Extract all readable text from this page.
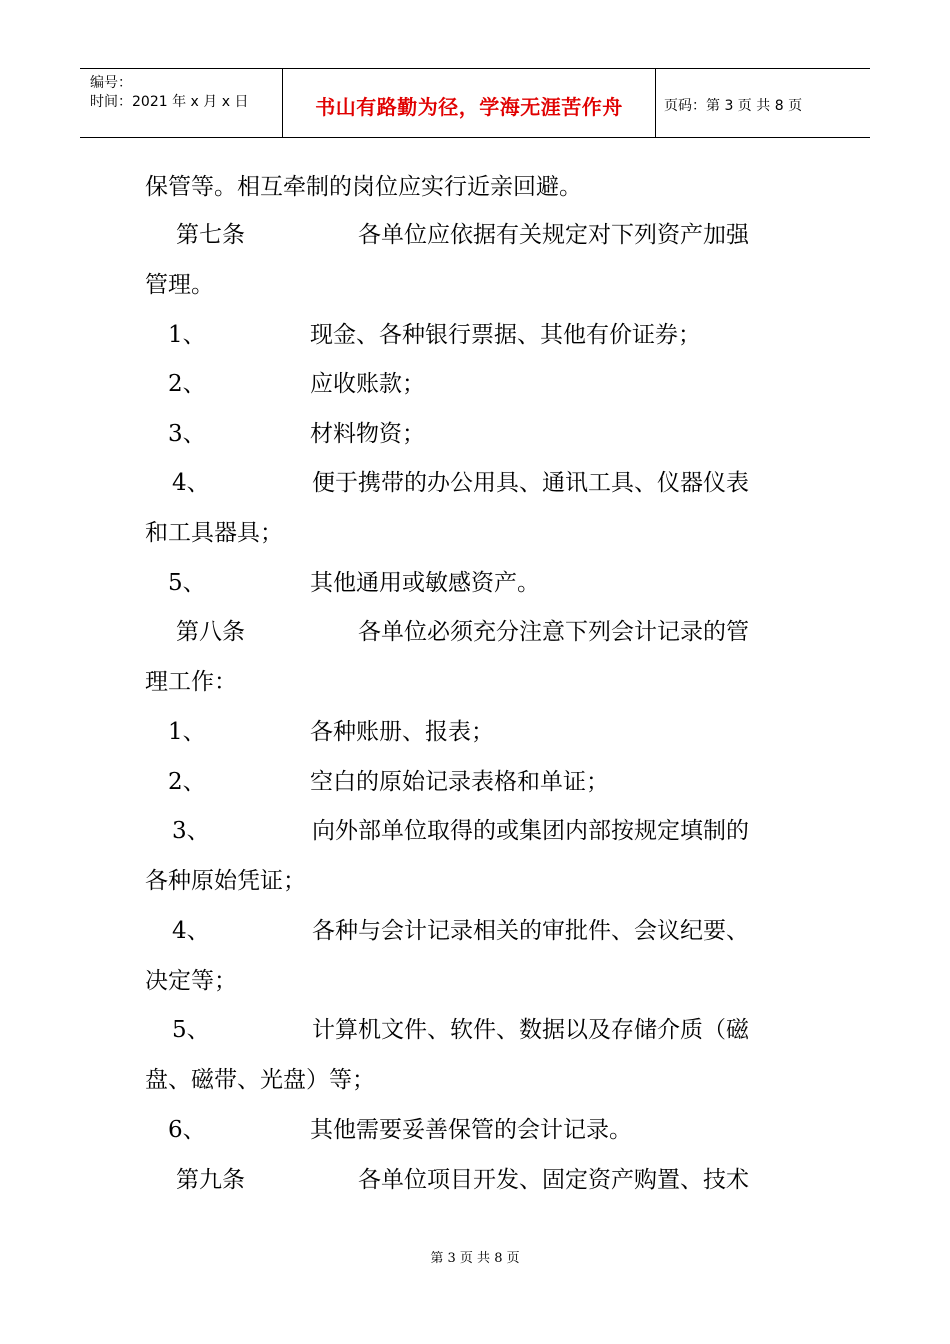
编号：
时间：2021 年 x 月 x 日	书山有路勤为径，学海无涯苦作舟	页码：第 3 页 共 8 页
保管等。相互牵制的岗位应实行近亲回避。
第七条	各单位应依据有关规定对下列资产加强
管理。
1、	现金、各种银行票据、其他有价证券；
2、	应收账款；
3、	材料物资；
4、	便于携带的办公用具、通讯工具、仪器仪表
和工具器具；
5、	其他通用或敏感资产。
第八条	各单位必须充分注意下列会计记录的管
理工作：
1、	各种账册、报表；
2、	空白的原始记录表格和单证；
3、	向外部单位取得的或集团内部按规定填制的
各种原始凭证；
4、	各种与会计记录相关的审批件、会议纪要、
决定等；
5、	计算机文件、软件、数据以及存储介质（磁
盘、磁带、光盘）等；
6、	其他需要妥善保管的会计记录。
第九条	各单位项目开发、固定资产购置、技术
第 3 页 共 8 页
